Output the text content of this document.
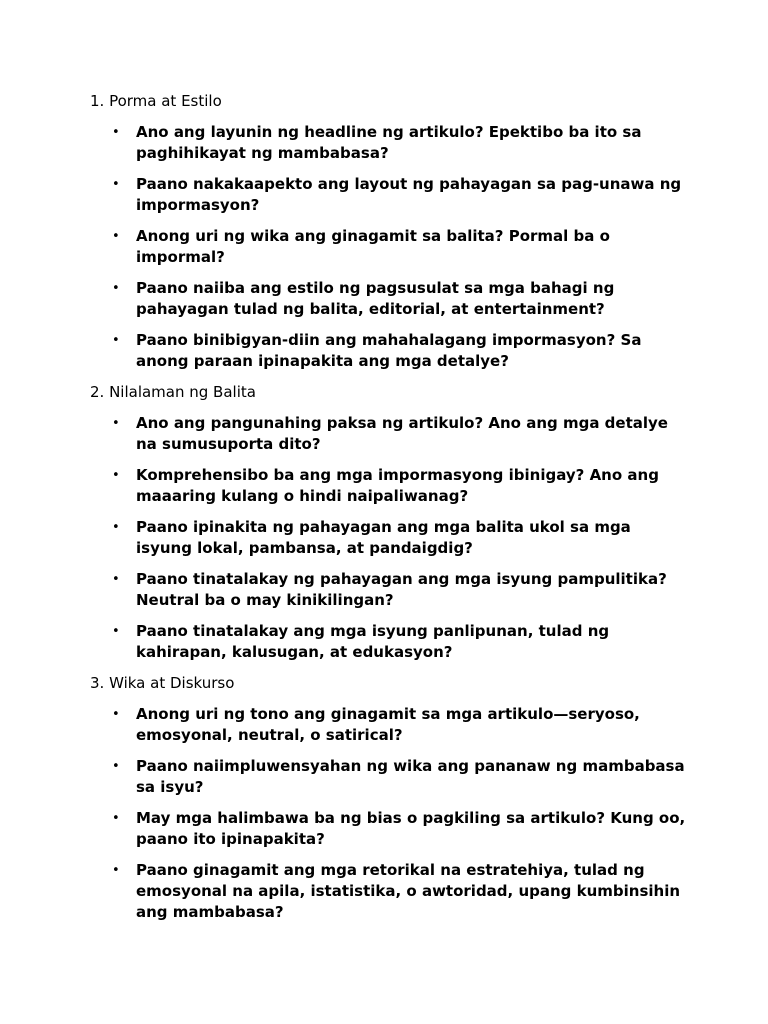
1. Porma at Estilo

• Ano ang layunin ng headline ng artikulo? Epektibo ba ito sa paghihikayat ng mambabasa?
• Paano nakakaapekto ang layout ng pahayagan sa pag-unawa ng impormasyon?
• Anong uri ng wika ang ginagamit sa balita? Pormal ba o impormal?
• Paano naiiba ang estilo ng pagsusulat sa mga bahagi ng pahayagan tulad ng balita, editorial, at entertainment?
• Paano binibigyan-diin ang mahahalagang impormasyon? Sa anong paraan ipinapakita ang mga detalye?

2. Nilalaman ng Balita

• Ano ang pangunahing paksa ng artikulo? Ano ang mga detalye na sumusuporta dito?
• Komprehensibo ba ang mga impormasyong ibinigay? Ano ang maaaring kulang o hindi naipaliwanag?
• Paano ipinakita ng pahayagan ang mga balita ukol sa mga isyung lokal, pambansa, at pandaigdig?
• Paano tinatalakay ng pahayagan ang mga isyung pampulitika? Neutral ba o may kinikilingan?
• Paano tinatalakay ang mga isyung panlipunan, tulad ng kahirapan, kalusugan, at edukasyon?

3. Wika at Diskurso

• Anong uri ng tono ang ginagamit sa mga artikulo—seryoso, emosyonal, neutral, o satirical?
• Paano naiimpluwensyahan ng wika ang pananaw ng mambabasa sa isyu?
• May mga halimbawa ba ng bias o pagkiling sa artikulo? Kung oo, paano ito ipinapakita?
• Paano ginagamit ang mga retorikal na estratehiya, tulad ng emosyonal na apila, istatistika, o awtoridad, upang kumbinsihin ang mambabasa?
